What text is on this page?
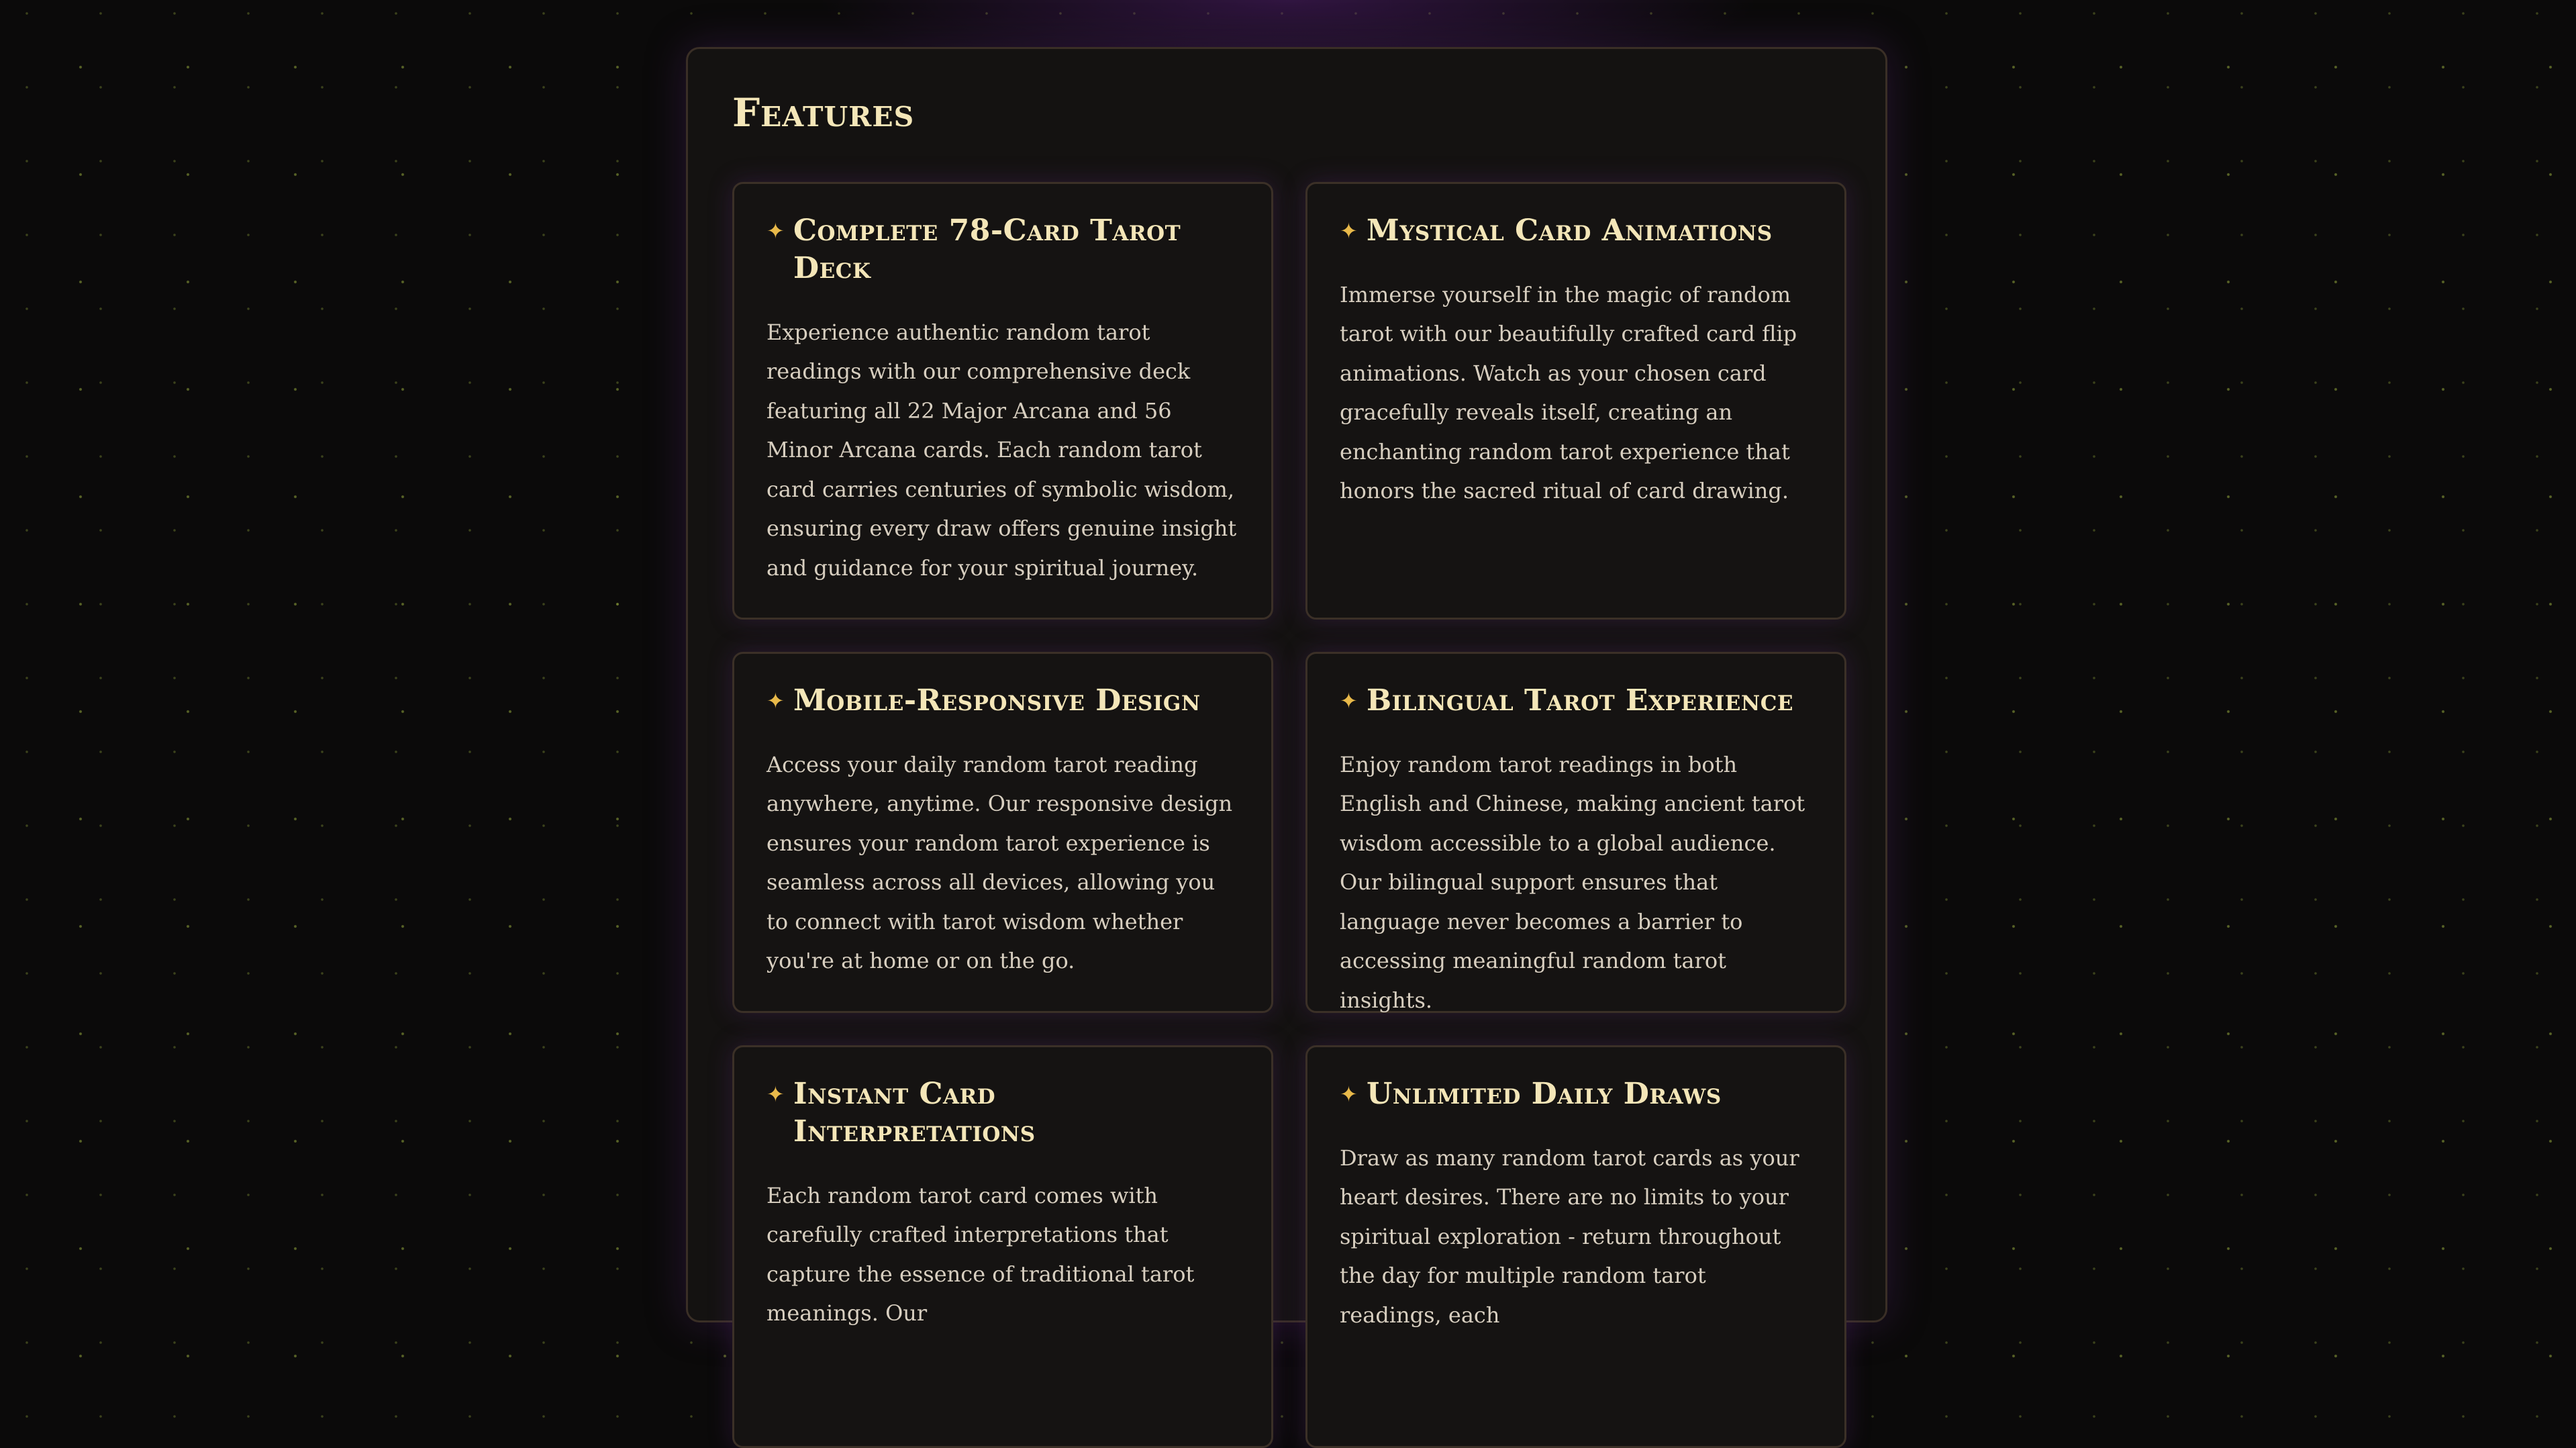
Features
✦ Complete 78-Card Tarot Deck

Experience authentic random tarot readings with our comprehensive deck featuring all 22 Major Arcana and 56 Minor Arcana cards. Each random tarot card carries centuries of symbolic wisdom, ensuring every draw offers genuine insight and guidance for your spiritual journey.

✦ Mystical Card Animations

Immerse yourself in the magic of random tarot with our beautifully crafted card flip animations. Watch as your chosen card gracefully reveals itself, creating an enchanting random tarot experience that honors the sacred ritual of card drawing.

✦ Mobile-Responsive Design

Access your daily random tarot reading anywhere, anytime. Our responsive design ensures your random tarot experience is seamless across all devices, allowing you to connect with tarot wisdom whether you're at home or on the go.

✦ Bilingual Tarot Experience

Enjoy random tarot readings in both English and Chinese, making ancient tarot wisdom accessible to a global audience. Our bilingual support ensures that language never becomes a barrier to accessing meaningful random tarot insights.

✦ Instant Card Interpretations

Each random tarot card comes with carefully crafted interpretations that capture the essence of traditional tarot meanings. Our

✦ Unlimited Daily Draws

Draw as many random tarot cards as your heart desires. There are no limits to your spiritual exploration - return throughout the day for multiple random tarot readings, each
